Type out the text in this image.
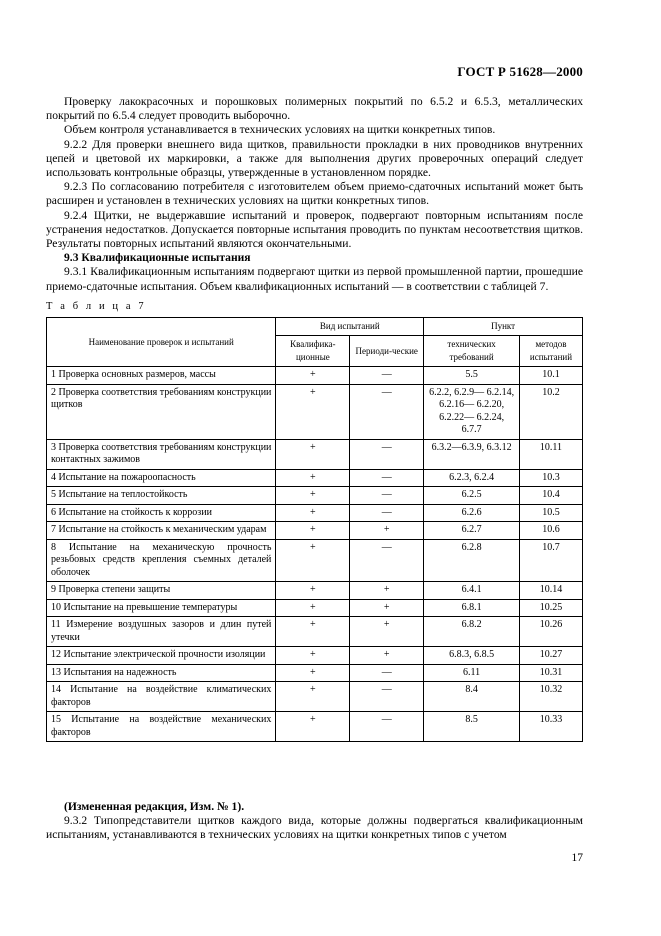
ГОСТ Р 51628—2000

Проверку лакокрасочных и порошковых полимерных покрытий по 6.5.2 и 6.5.3, металлических покрытий по 6.5.4 следует проводить выборочно.

Объем контроля устанавливается в технических условиях на щитки конкретных типов.

9.2.2 Для проверки внешнего вида щитков, правильности прокладки в них проводников внутренних цепей и цветовой их маркировки, а также для выполнения других проверочных операций следует использовать контрольные образцы, утвержденные в установленном порядке.

9.2.3 По согласованию потребителя с изготовителем объем приемо-сдаточных испытаний может быть расширен и установлен в технических условиях на щитки конкретных типов.

9.2.4 Щитки, не выдержавшие испытаний и проверок, подвергают повторным испытаниям после устранения недостатков. Допускается повторные испытания проводить по пунктам несоответствия щитков. Результаты повторных испытаний являются окончательными.

9.3 Квалификационные испытания

9.3.1 Квалификационным испытаниям подвергают щитки из первой промышленной партии, прошедшие приемо-сдаточные испытания. Объем квалификационных испытаний — в соответствии с таблицей 7.

Т а б л и ц а 7
Наименование проверок и испытаний	Вид испытаний		Пункт	
	Квалифика-ционные	Периоди-ческие	технических требований	методов испытаний
1 Проверка основных размеров, массы	+	—	5.5	10.1
2 Проверка соответствия требованиям конструкции щитков	+	—	6.2.2, 6.2.9— 6.2.14, 6.2.16— 6.2.20, 6.2.22— 6.2.24, 6.7.7	10.2
3 Проверка соответствия требованиям конструкции контактных зажимов	+	—	6.3.2—6.3.9, 6.3.12	10.11
4 Испытание на пожароопасность	+	—	6.2.3, 6.2.4	10.3
5 Испытание на теплостойкость	+	—	6.2.5	10.4
6 Испытание на стойкость к коррозии	+	—	6.2.6	10.5
7 Испытание на стойкость к механическим ударам	+	+	6.2.7	10.6
8 Испытание на механическую прочность резьбовых средств крепления съемных деталей оболочек	+	—	6.2.8	10.7
9 Проверка степени защиты	+	+	6.4.1	10.14
10 Испытание на превышение температуры	+	+	6.8.1	10.25
11 Измерение воздушных зазоров и длин путей утечки	+	+	6.8.2	10.26
12 Испытание электрической прочности изоляции	+	+	6.8.3, 6.8.5	10.27
13 Испытания на надежность	+	—	6.11	10.31
14 Испытание на воздействие климатических факторов	+	—	8.4	10.32
15 Испытание на воздействие механических факторов	+	—	8.5	10.33

(Измененная редакция, Изм. № 1).

9.3.2 Типопредставители щитков каждого вида, которые должны подвергаться квалификационным испытаниям, устанавливаются в технических условиях на щитки конкретных типов с учетом

17
